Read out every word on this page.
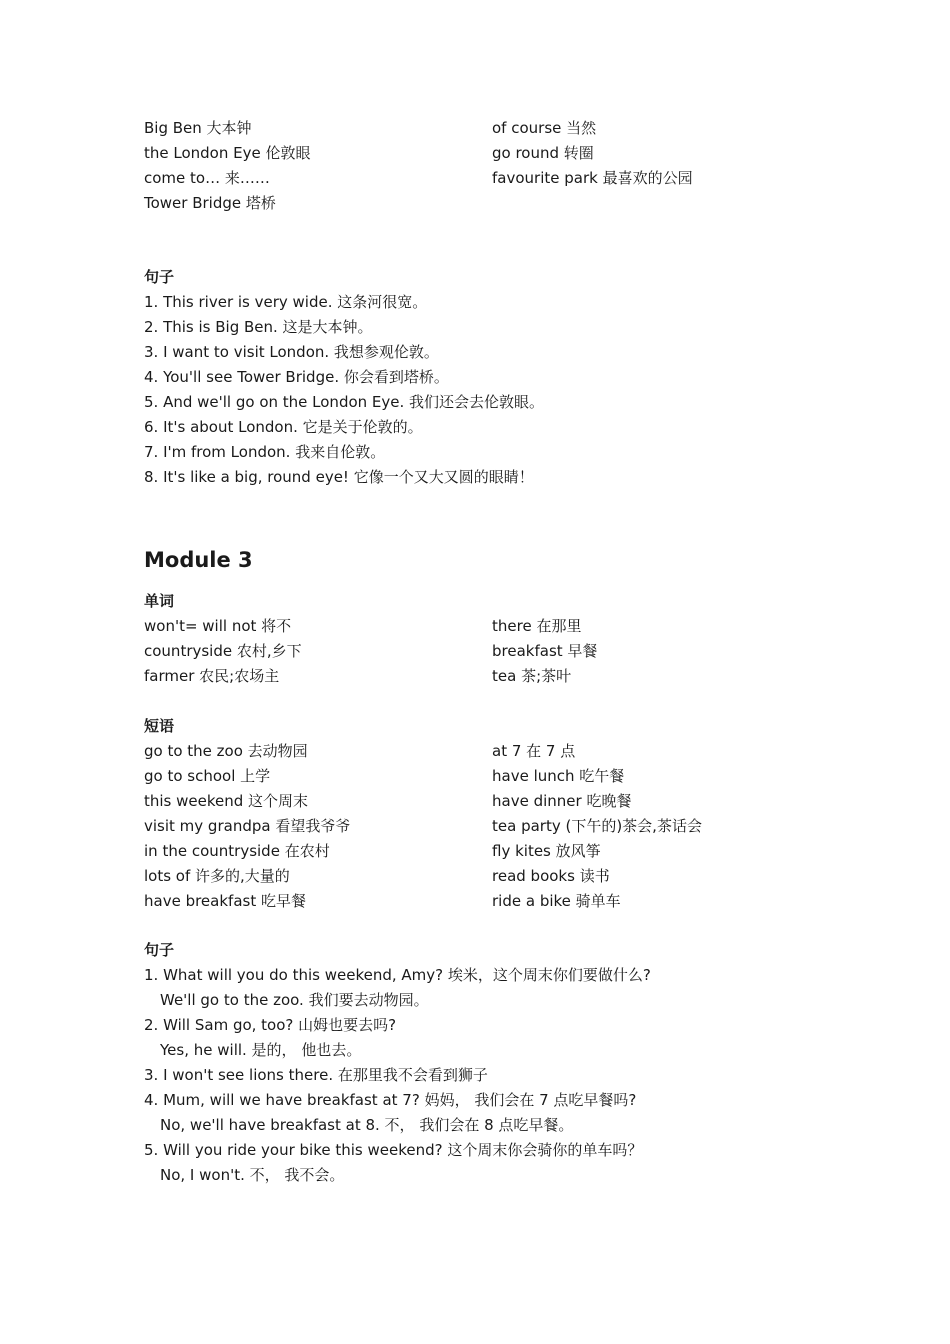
Big Ben 大本钟
the London Eye 伦敦眼
come to… 来……
Tower Bridge 塔桥
of course 当然
go round 转圈
favourite park 最喜欢的公园
句子
1. This river is very wide. 这条河很宽。
2. This is Big Ben. 这是大本钟。
3. I want to visit London. 我想参观伦敦。
4. You'll see Tower Bridge. 你会看到塔桥。
5. And we'll go on the London Eye. 我们还会去伦敦眼。
6. It's about London. 它是关于伦敦的。
7. I'm from London. 我来自伦敦。
8. It's like a big, round eye! 它像一个又大又圆的眼睛！
Module 3
单词
won't= will not 将不
countryside 农村,乡下
farmer 农民;农场主
there 在那里
breakfast 早餐
tea 茶;茶叶
短语
go to the zoo 去动物园
go to school 上学
this weekend 这个周末
visit my grandpa 看望我爷爷
in the countryside 在农村
lots of 许多的,大量的
have breakfast 吃早餐
at 7 在 7 点
have lunch 吃午餐
have dinner 吃晚餐
tea party (下午的)茶会,茶话会
fly kites 放风筝
read books 读书
ride a bike 骑单车
句子
1. What will you do this weekend, Amy? 埃米，这个周末你们要做什么?
We'll go to the zoo. 我们要去动物园。
2. Will Sam go, too? 山姆也要去吗?
Yes, he will. 是的， 他也去。
3. I won't see lions there. 在那里我不会看到狮子
4. Mum, will we have breakfast at 7? 妈妈， 我们会在 7 点吃早餐吗?
No, we'll have breakfast at 8. 不， 我们会在 8 点吃早餐。
5. Will you ride your bike this weekend? 这个周末你会骑你的单车吗？
No, I won't. 不， 我不会。
